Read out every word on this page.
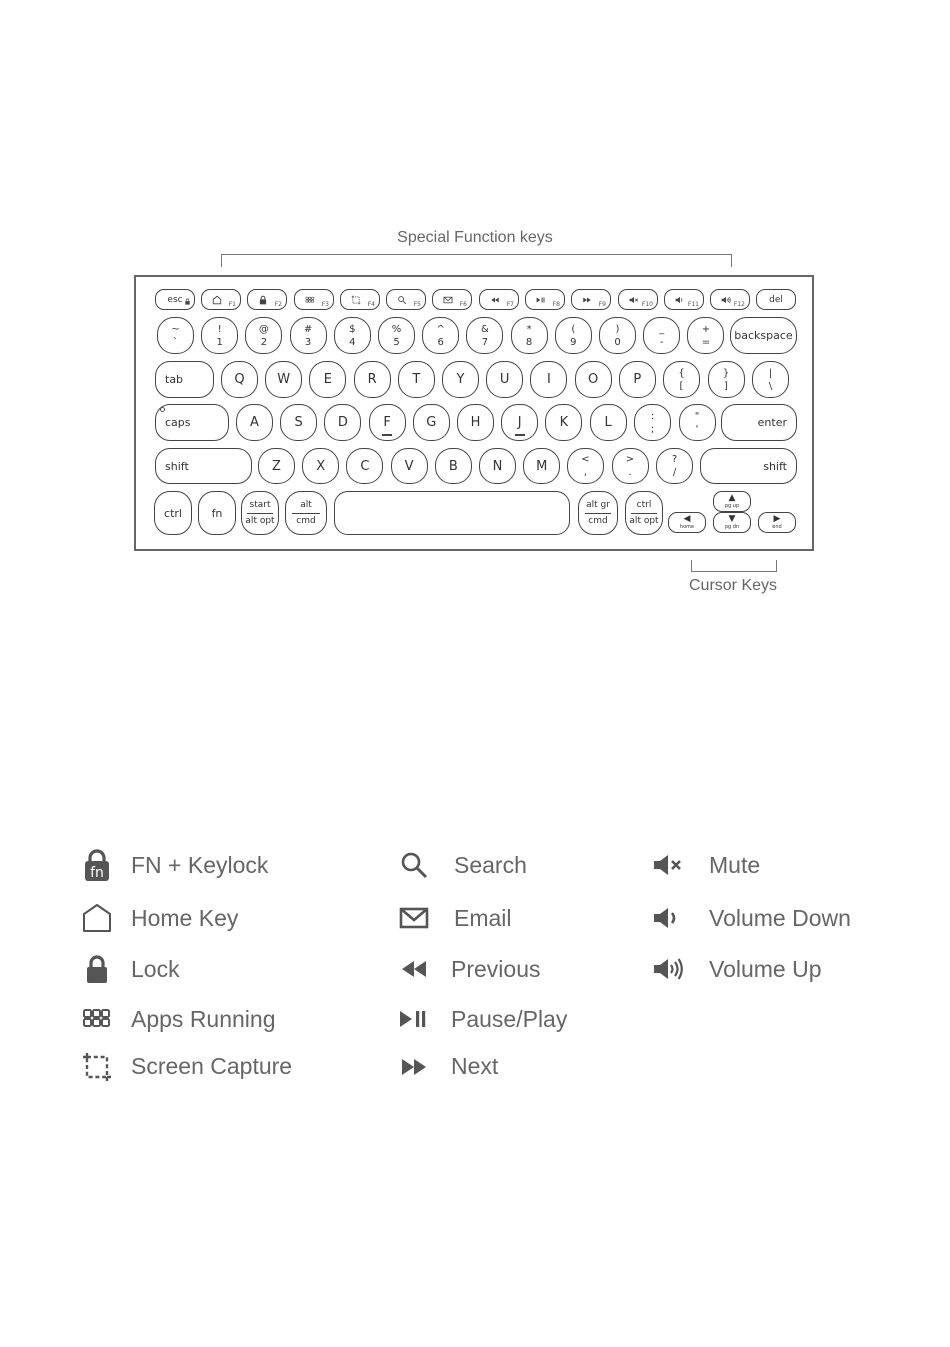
Special Function keys
esc	F1	F2	F3	F4	F5	F6	F7	F8	F9	F10	F11	F12	del
~
`
!
1
@
2
#
3
$
4
%
5
^
6
&
7
*
8
(
9
)
0
_
-
+
= backspace
tab	Q	W	E	R	T	Y	U	I	O	P	{
[
}
]
|
\
caps	A	S	D	F	G	H	J	K	L	:
;
"
'	enter
shift	Z	X	C	V	B	N	M	<
,
>
.
?
/	shift
ctrl	fn
start
alt opt
alt
cmd
alt gr
cmd
ctrl
alt opt
▲
pg up
◀
home
▼
pg dn
▶
end
Cursor Keys
fn FN + Keylock
Home Key
Lock
Apps Running
Screen Capture
Search
Email
Previous
Pause/Play
Next
Mute
Volume Down
Volume Up
